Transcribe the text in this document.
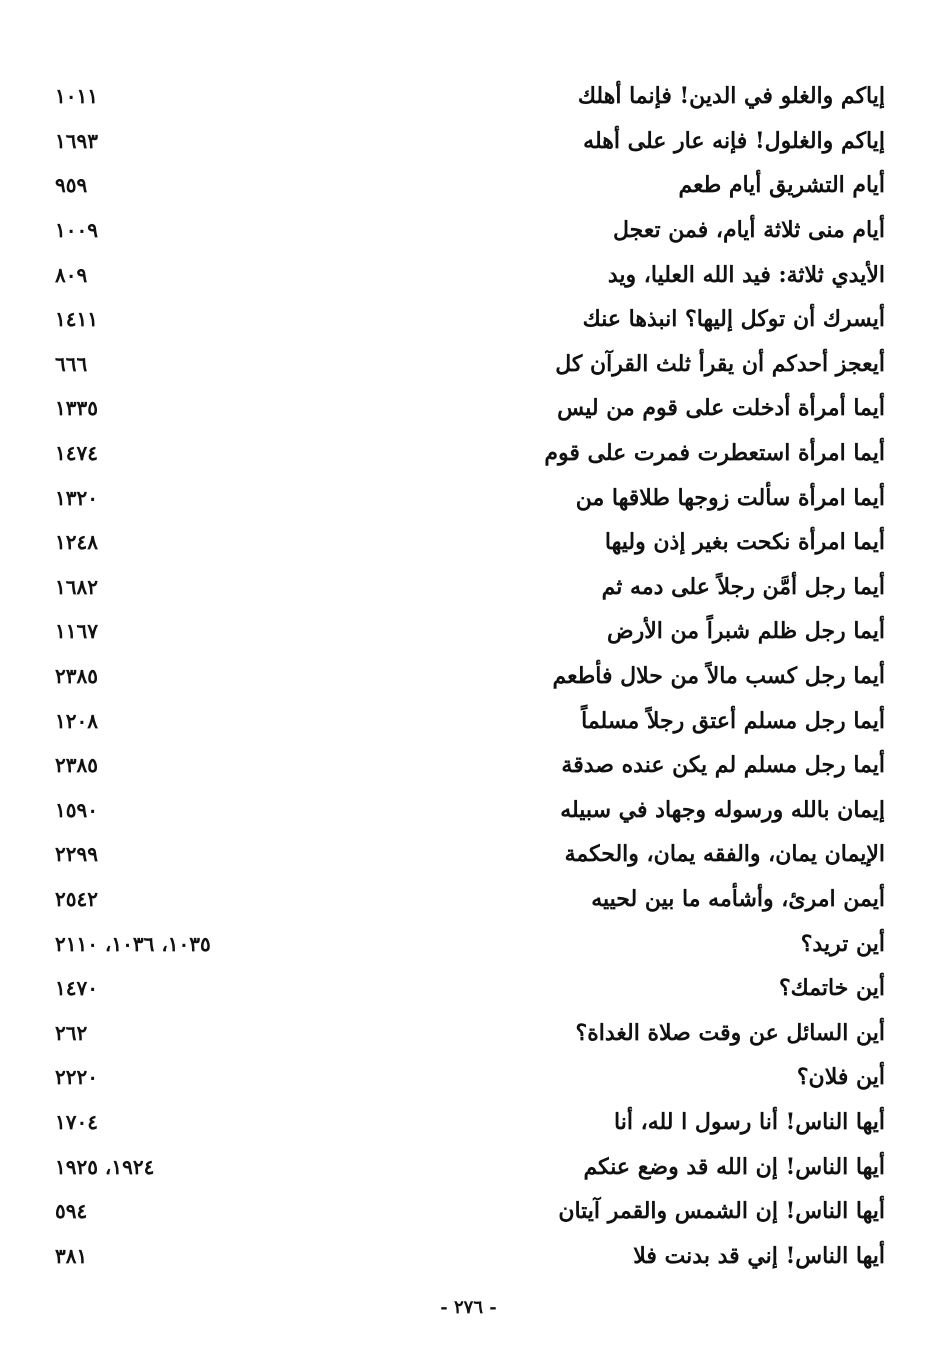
١٠١١	إياكم والغلو في الدين! فإنما أهلك
١٦٩٣	إياكم والغلول! فإنه عار على أهله
٩٥٩	أيام التشريق أيام طعم
١٠٠٩	أيام منى ثلاثة أيام، فمن تعجل
٨٠٩	الأيدي ثلاثة: فيد الله العليا، ويد
١٤١١	أيسرك أن توكل إليها؟ انبذها عنك
٦٦٦	أيعجز أحدكم أن يقرأ ثلث القرآن كل
١٣٣٥	أيما أمرأة أدخلت على قوم من ليس
١٤٧٤	أيما امرأة استعطرت فمرت على قوم
١٣٢٠	أيما امرأة سألت زوجها طلاقها من
١٢٤٨	أيما امرأة نكحت بغير إذن وليها
١٦٨٢	أيما رجل أمَّن رجلاً على دمه ثم
١١٦٧	أيما رجل ظلم شبراً من الأرض
٢٣٨٥	أيما رجل كسب مالاً من حلال فأطعم
١٢٠٨	أيما رجل مسلم أعتق رجلاً مسلماً
٢٣٨٥	أيما رجل مسلم لم يكن عنده صدقة
١٥٩٠	إيمان بالله ورسوله وجهاد في سبيله
٢٢٩٩	الإيمان يمان، والفقه يمان، والحكمة
٢٥٤٢	أيمن امرئ، وأشأمه ما بين لحييه
١٠٣٥، ١٠٣٦، ٢١١٠	أين تريد؟
١٤٧٠	أين خاتمك؟
٢٦٢	أين السائل عن وقت صلاة الغداة؟
٢٢٢٠	أين فلان؟
١٧٠٤	أيها الناس! أنا رسول ا لله، أنا
١٩٢٤، ١٩٢٥	أيها الناس! إن الله قد وضع عنكم
٥٩٤	أيها الناس! إن الشمس والقمر آيتان
٣٨١	أيها الناس! إني قد بدنت فلا
- ٢٧٦ -
